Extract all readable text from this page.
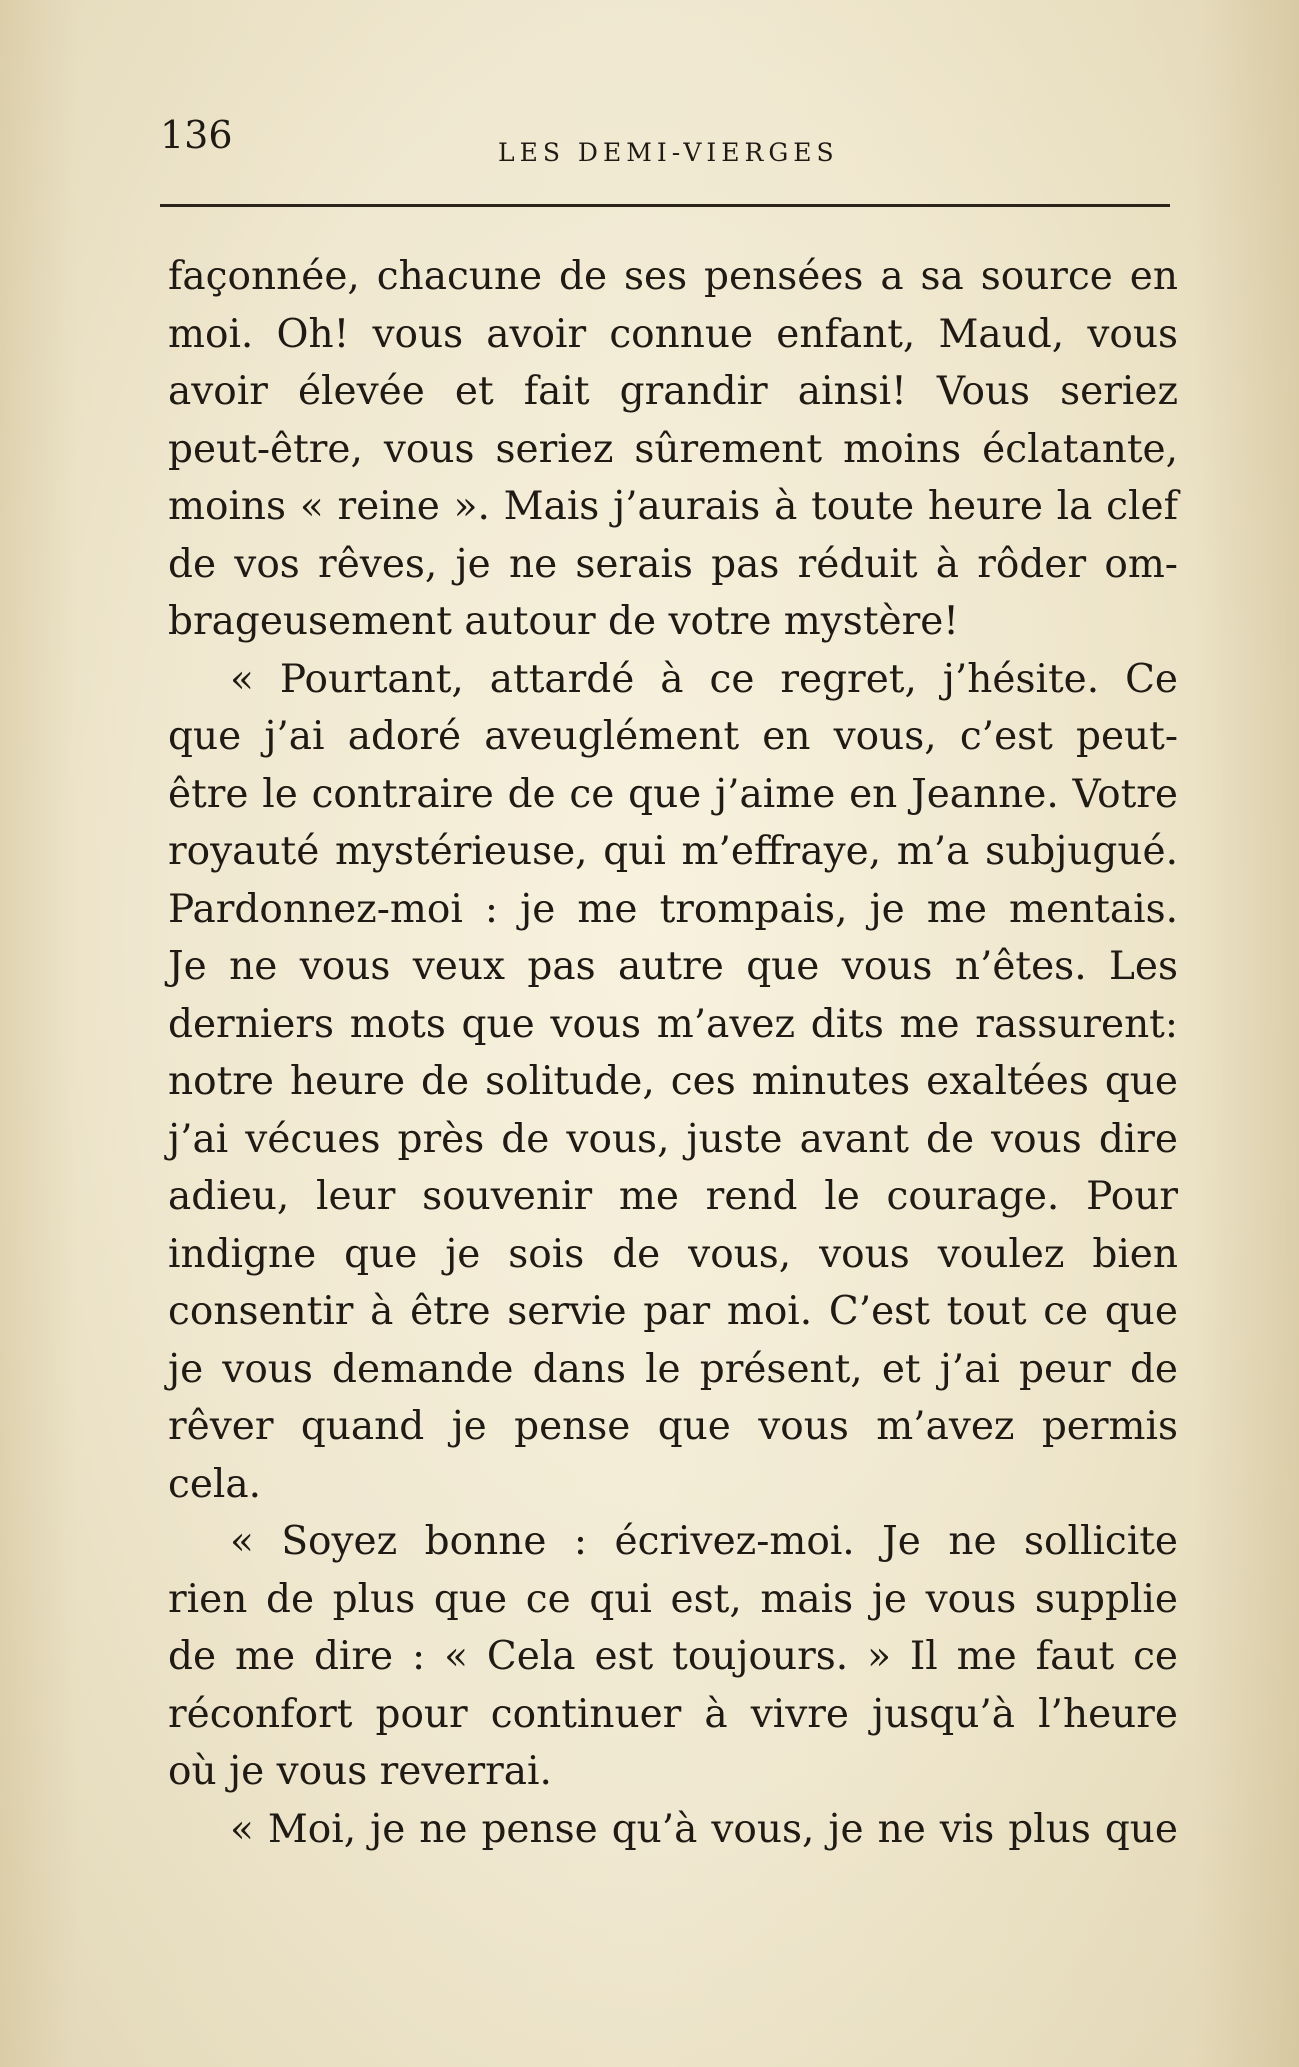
136	LES DEMI-VIERGES
façonnée, chacune de ses pensées a sa source en
moi. Oh! vous avoir connue enfant, Maud, vous
avoir élevée et fait grandir ainsi! Vous seriez
peut-être, vous seriez sûrement moins éclatante,
moins « reine ». Mais j’aurais à toute heure la clef
de vos rêves, je ne serais pas réduit à rôder om-
brageusement autour de votre mystère!
« Pourtant, attardé à ce regret, j’hésite. Ce
que j’ai adoré aveuglément en vous, c’est peut-
être le contraire de ce que j’aime en Jeanne. Votre
royauté mystérieuse, qui m’effraye, m’a subjugué.
Pardonnez-moi : je me trompais, je me mentais.
Je ne vous veux pas autre que vous n’êtes. Les
derniers mots que vous m’avez dits me rassurent:
notre heure de solitude, ces minutes exaltées que
j’ai vécues près de vous, juste avant de vous dire
adieu, leur souvenir me rend le courage. Pour
indigne que je sois de vous, vous voulez bien
consentir à être servie par moi. C’est tout ce que
je vous demande dans le présent, et j’ai peur de
rêver quand je pense que vous m’avez permis
cela.
« Soyez bonne : écrivez-moi. Je ne sollicite
rien de plus que ce qui est, mais je vous supplie
de me dire : « Cela est toujours. » Il me faut ce
réconfort pour continuer à vivre jusqu’à l’heure
où je vous reverrai.
« Moi, je ne pense qu’à vous, je ne vis plus que
